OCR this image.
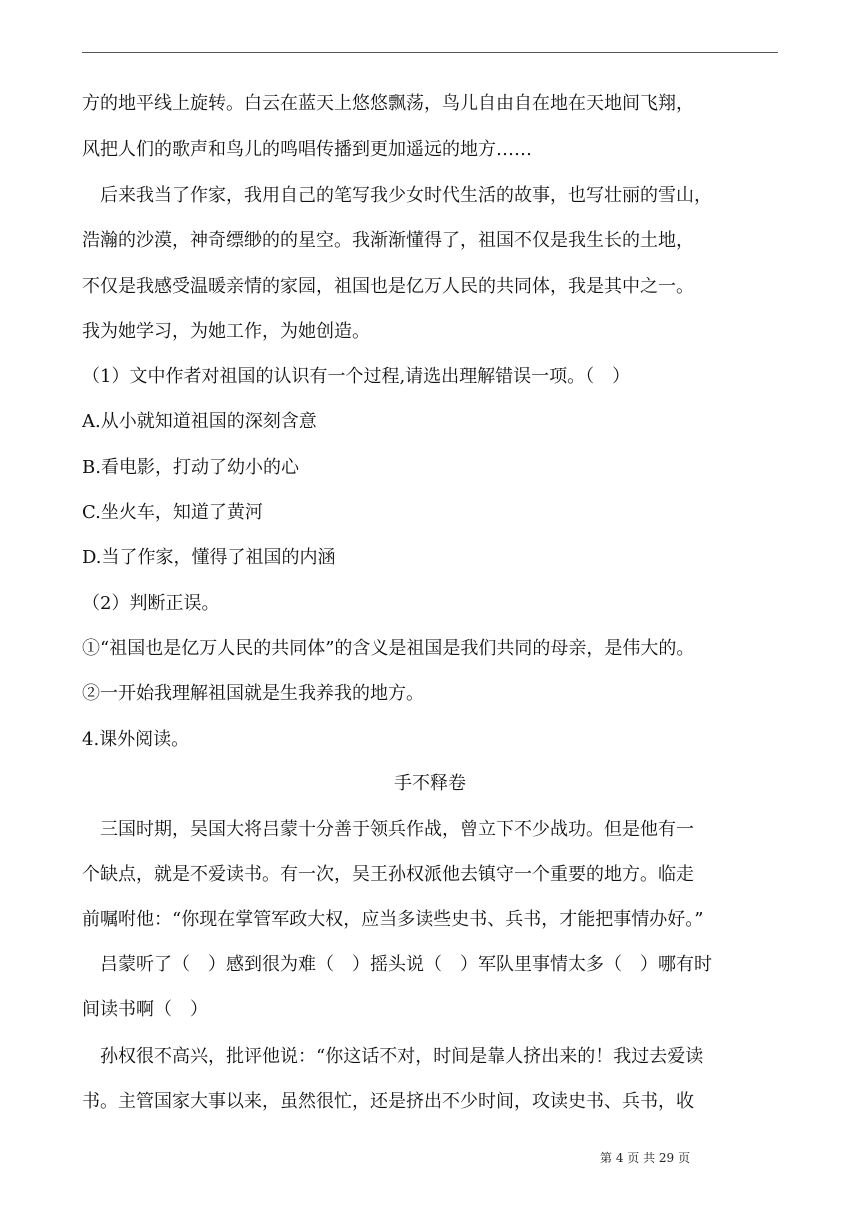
方的地平线上旋转。白云在蓝天上悠悠飘荡，鸟儿自由自在地在天地间飞翔，
风把人们的歌声和鸟儿的鸣唱传播到更加遥远的地方……
　后来我当了作家，我用自己的笔写我少女时代生活的故事，也写壮丽的雪山，
浩瀚的沙漠，神奇缥缈的的星空。我渐渐懂得了，祖国不仅是我生长的土地，
不仅是我感受温暖亲情的家园，祖国也是亿万人民的共同体，我是其中之一。
我为她学习，为她工作，为她创造。
（1）文中作者对祖国的认识有一个过程,请选出理解错误一项。（　）
A.从小就知道祖国的深刻含意
B.看电影，打动了幼小的心
C.坐火车，知道了黄河
D.当了作家，懂得了祖国的内涵
（2）判断正误。
①“祖国也是亿万人民的共同体”的含义是祖国是我们共同的母亲，是伟大的。
②一开始我理解祖国就是生我养我的地方。
4.课外阅读。
手不释卷
　三国时期，吴国大将吕蒙十分善于领兵作战，曾立下不少战功。但是他有一
个缺点，就是不爱读书。有一次，吴王孙权派他去镇守一个重要的地方。临走
前嘱咐他：“你现在掌管军政大权，应当多读些史书、兵书，才能把事情办好。”
　吕蒙听了（　）感到很为难（　）摇头说（　）军队里事情太多（　）哪有时
间读书啊（　）
　孙权很不高兴，批评他说：“你这话不对，时间是靠人挤出来的！我过去爱读
书。主管国家大事以来，虽然很忙，还是挤出不少时间，攻读史书、兵书，收
第 4 页 共 29 页
